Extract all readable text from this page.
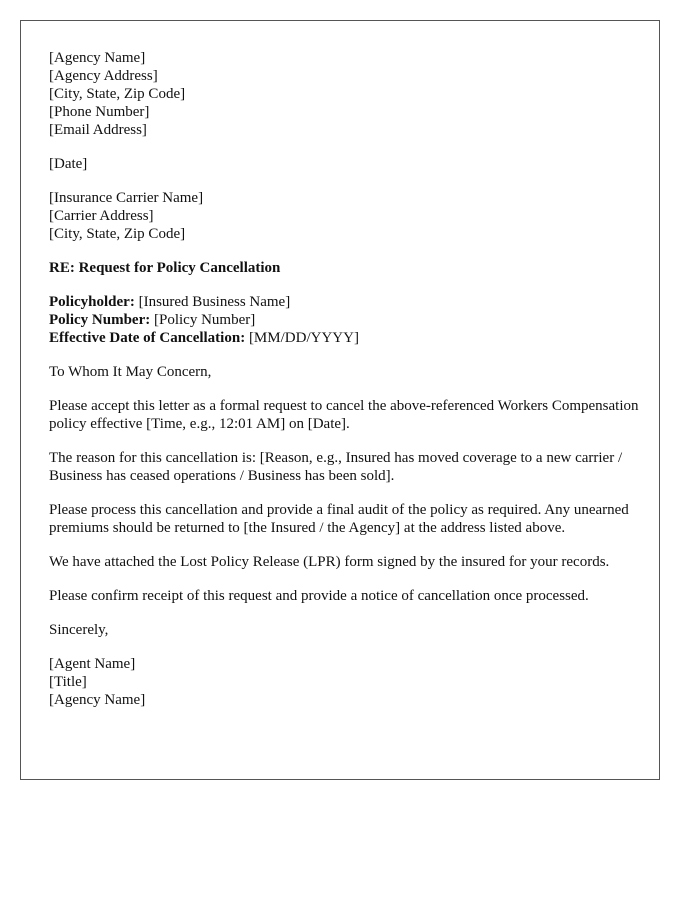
[Agency Name]
[Agency Address]
[City, State, Zip Code]
[Phone Number]
[Email Address]
[Date]
[Insurance Carrier Name]
[Carrier Address]
[City, State, Zip Code]
RE: Request for Policy Cancellation
Policyholder: [Insured Business Name]
Policy Number: [Policy Number]
Effective Date of Cancellation: [MM/DD/YYYY]

To Whom It May Concern,

Please accept this letter as a formal request to cancel the above-referenced Workers Compensation policy effective [Time, e.g., 12:01 AM] on [Date].

The reason for this cancellation is: [Reason, e.g., Insured has moved coverage to a new carrier / Business has ceased operations / Business has been sold].

Please process this cancellation and provide a final audit of the policy as required. Any unearned premiums should be returned to [the Insured / the Agency] at the address listed above.

We have attached the Lost Policy Release (LPR) form signed by the insured for your records.

Please confirm receipt of this request and provide a notice of cancellation once processed.

Sincerely,

[Agent Name]
[Title]
[Agency Name]
